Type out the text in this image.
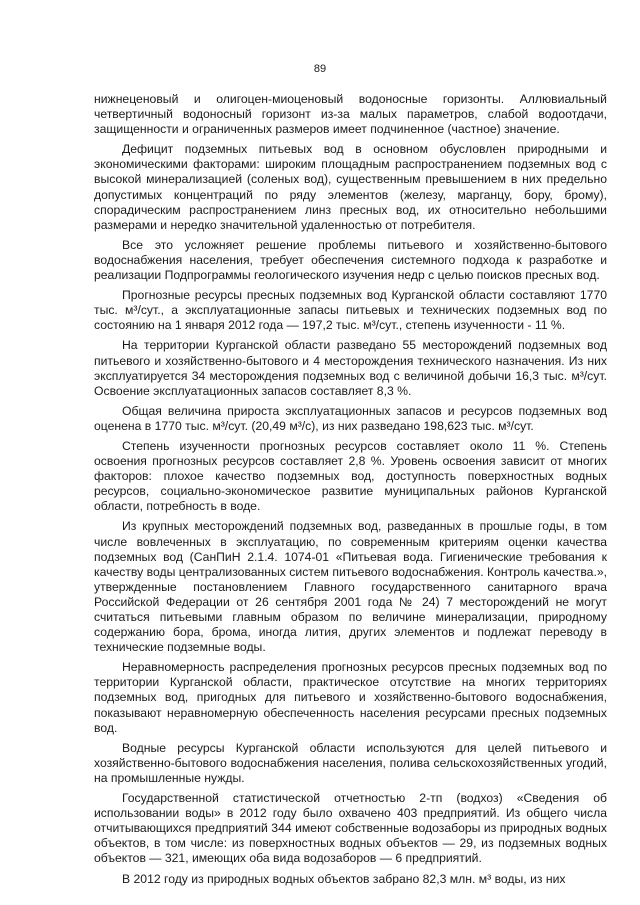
89

нижнеценовый и олигоцен-миоценовый водоносные горизонты. Аллювиальный четвертичный водоносный горизонт из-за малых параметров, слабой водоотдачи, защищенности и ограниченных размеров имеет подчиненное (частное) значение.

Дефицит подземных питьевых вод в основном обусловлен природными и экономическими факторами: широким площадным распространением подземных вод с высокой минерализацией (соленых вод), существенным превышением в них предельно допустимых концентраций по ряду элементов (железу, марганцу, бору, брому), спорадическим распространением линз пресных вод, их относительно небольшими размерами и нередко значительной удаленностью от потребителя.

Все это усложняет решение проблемы питьевого и хозяйственно-бытового водоснабжения населения, требует обеспечения системного подхода к разработке и реализации Подпрограммы геологического изучения недр с целью поисков пресных вод.

Прогнозные ресурсы пресных подземных вод Курганской области составляют 1770 тыс. м³/сут., а эксплуатационные запасы питьевых и технических подземных вод по состоянию на 1 января 2012 года — 197,2 тыс. м³/сут., степень изученности - 11 %.

На территории Курганской области разведано 55 месторождений подземных вод питьевого и хозяйственно-бытового и 4 месторождения технического назначения. Из них эксплуатируется 34 месторождения подземных вод с величиной добычи 16,3 тыс. м³/сут. Освоение эксплуатационных запасов составляет 8,3 %.

Общая величина прироста эксплуатационных запасов и ресурсов подземных вод оценена в 1770 тыс. м³/сут. (20,49 м³/с), из них разведано 198,623 тыс. м³/сут.

Степень изученности прогнозных ресурсов составляет около 11 %. Степень освоения прогнозных ресурсов составляет 2,8 %. Уровень освоения зависит от многих факторов: плохое качество подземных вод, доступность поверхностных водных ресурсов, социально-экономическое развитие муниципальных районов Курганской области, потребность в воде.

Из крупных месторождений подземных вод, разведанных в прошлые годы, в том числе вовлеченных в эксплуатацию, по современным критериям оценки качества подземных вод (СанПиН 2.1.4. 1074-01 «Питьевая вода. Гигиенические требования к качеству воды централизованных систем питьевого водоснабжения. Контроль качества.», утвержденные постановлением Главного государственного санитарного врача Российской Федерации от 26 сентября 2001 года № 24) 7 месторождений не могут считаться питьевыми главным образом по величине минерализации, природному содержанию бора, брома, иногда лития, других элементов и подлежат переводу в технические подземные воды.

Неравномерность распределения прогнозных ресурсов пресных подземных вод по территории Курганской области, практическое отсутствие на многих территориях подземных вод, пригодных для питьевого и хозяйственно-бытового водоснабжения, показывают неравномерную обеспеченность населения ресурсами пресных подземных вод.

Водные ресурсы Курганской области используются для целей питьевого и хозяйственно-бытового водоснабжения населения, полива сельскохозяйственных угодий, на промышленные нужды.

Государственной статистической отчетностью 2-тп (водхоз) «Сведения об использовании воды» в 2012 году было охвачено 403 предприятий. Из общего числа отчитывающихся предприятий 344 имеют собственные водозаборы из природных водных объектов, в том числе: из поверхностных водных объектов — 29, из подземных водных объектов — 321, имеющих оба вида водозаборов — 6 предприятий.

В 2012 году из природных водных объектов забрано 82,3 млн. м³ воды, из них
